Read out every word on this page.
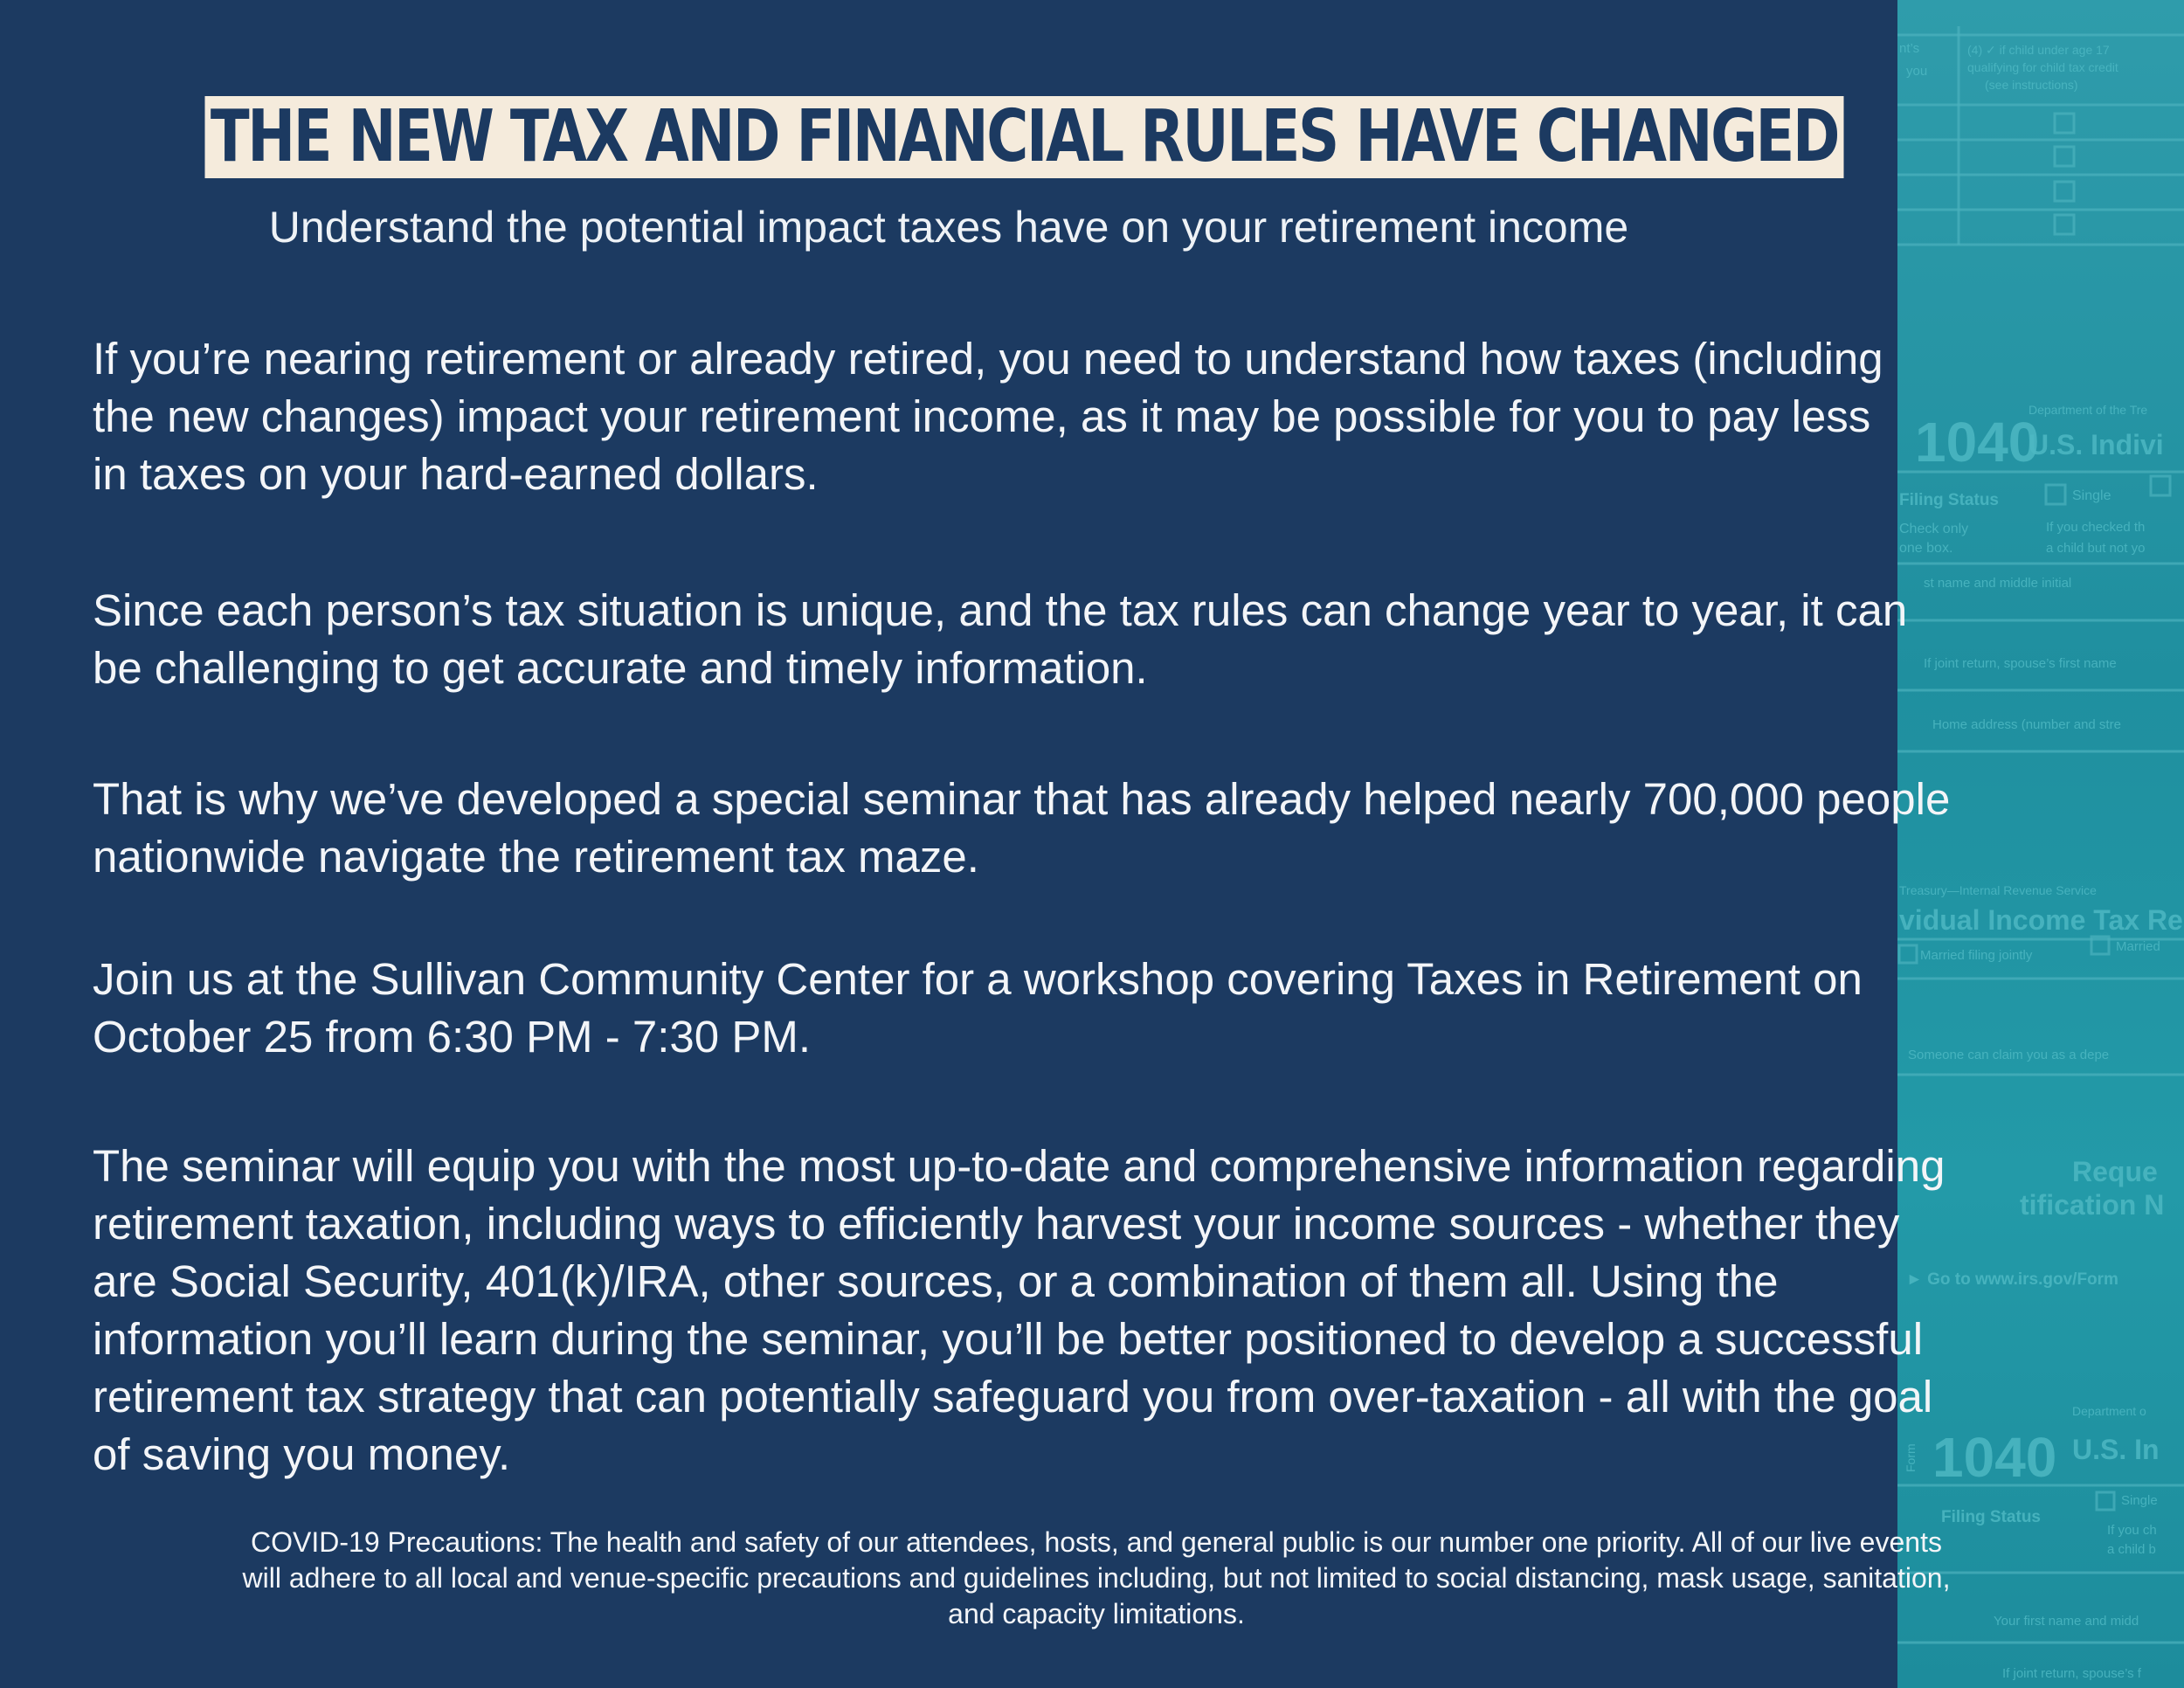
nt’s
you
(4) ✓ if child under age 17
qualifying for child tax credit
(see instructions)
Department of the Tre
1040
U.S. Indivi
Filing Status
Check only
one box.
Single
If you checked th
a child but not yo
st name and middle initial
If joint return, spouse’s first name
Home address (number and stre
Treasury—Internal Revenue Service
vidual Income Tax Re
Married filing jointly
Married
Someone can claim you as a depe
Reque
tification N
► Go to www.irs.gov/Form
Department o
Form 1040 U.S. In
Filing Status
Single
If you ch
a child b
Your first name and midd
If joint return, spouse’s f
THE NEW TAX AND FINANCIAL RULES HAVE CHANGED
Understand the potential impact taxes have on your retirement income

If you’re nearing retirement or already retired, you need to understand how taxes (including
the new changes) impact your retirement income, as it may be possible for you to pay less
in taxes on your hard-earned dollars.

Since each person’s tax situation is unique, and the tax rules can change year to year, it can
be challenging to get accurate and timely information.

That is why we’ve developed a special seminar that has already helped nearly 700,000 people
nationwide navigate the retirement tax maze.

Join us at the Sullivan Community Center for a workshop covering Taxes in Retirement on
October 25 from 6:30 PM - 7:30 PM.

The seminar will equip you with the most up-to-date and comprehensive information regarding
retirement taxation, including ways to efficiently harvest your income sources - whether they
are Social Security, 401(k)/IRA, other sources, or a combination of them all. Using the
information you’ll learn during the seminar, you’ll be better positioned to develop a successful
retirement tax strategy that can potentially safeguard you from over-taxation - all with the goal
of saving you money.

COVID-19 Precautions: The health and safety of our attendees, hosts, and general public is our number one priority. All of our live events
will adhere to all local and venue-specific precautions and guidelines including, but not limited to social distancing, mask usage, sanitation,
and capacity limitations.
